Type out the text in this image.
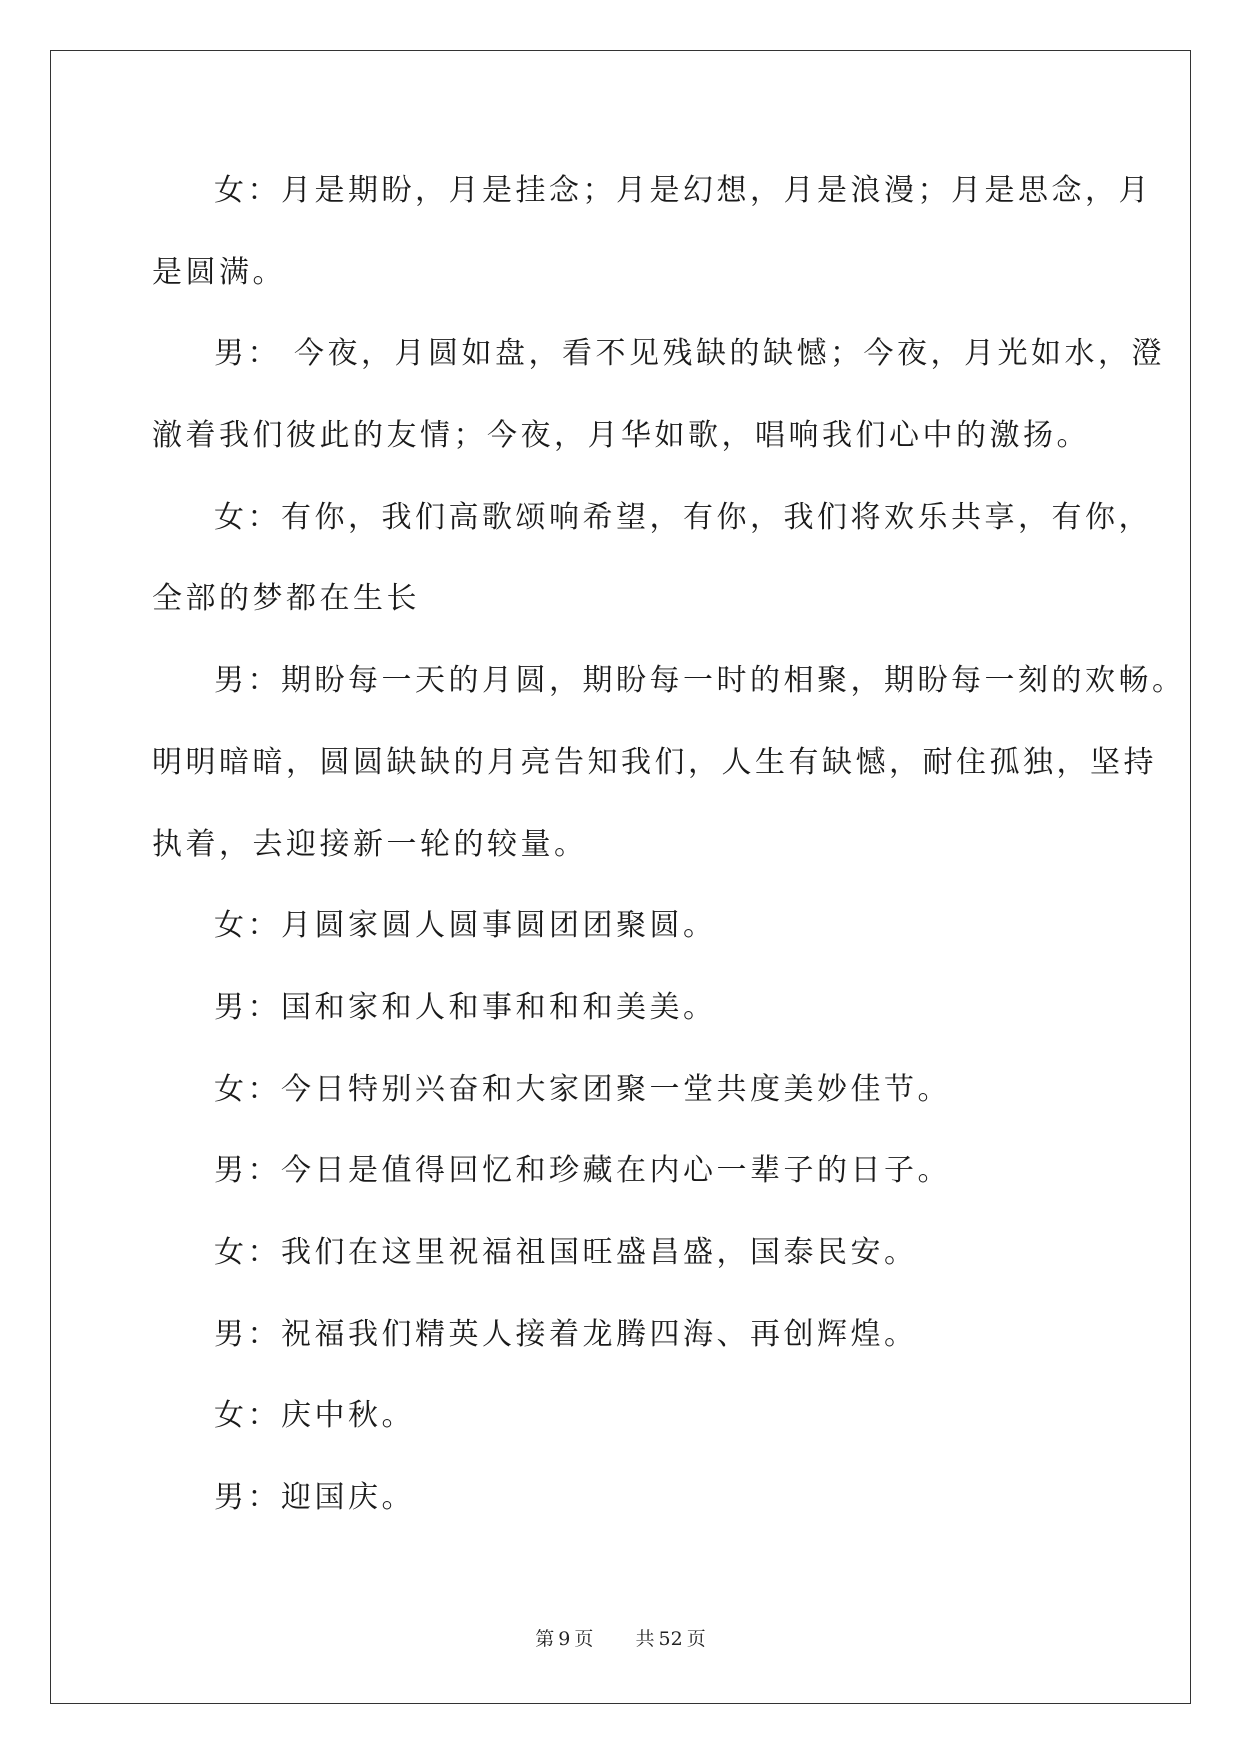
女：月是期盼，月是挂念；月是幻想，月是浪漫；月是思念，月
是圆满。
男： 今夜，月圆如盘，看不见残缺的缺憾；今夜，月光如水，澄
澈着我们彼此的友情；今夜，月华如歌，唱响我们心中的激扬。
女：有你，我们高歌颂响希望，有你，我们将欢乐共享，有你，
全部的梦都在生长
男：期盼每一天的月圆，期盼每一时的相聚，期盼每一刻的欢畅。
明明暗暗，圆圆缺缺的月亮告知我们，人生有缺憾，耐住孤独，坚持
执着，去迎接新一轮的较量。
女：月圆家圆人圆事圆团团聚圆。
男：国和家和人和事和和和美美。
女：今日特别兴奋和大家团聚一堂共度美妙佳节。
男：今日是值得回忆和珍藏在内心一辈子的日子。
女：我们在这里祝福祖国旺盛昌盛，国泰民安。
男：祝福我们精英人接着龙腾四海、再创辉煌。
女：庆中秋。
男：迎国庆。
第 9 页 共 52 页
